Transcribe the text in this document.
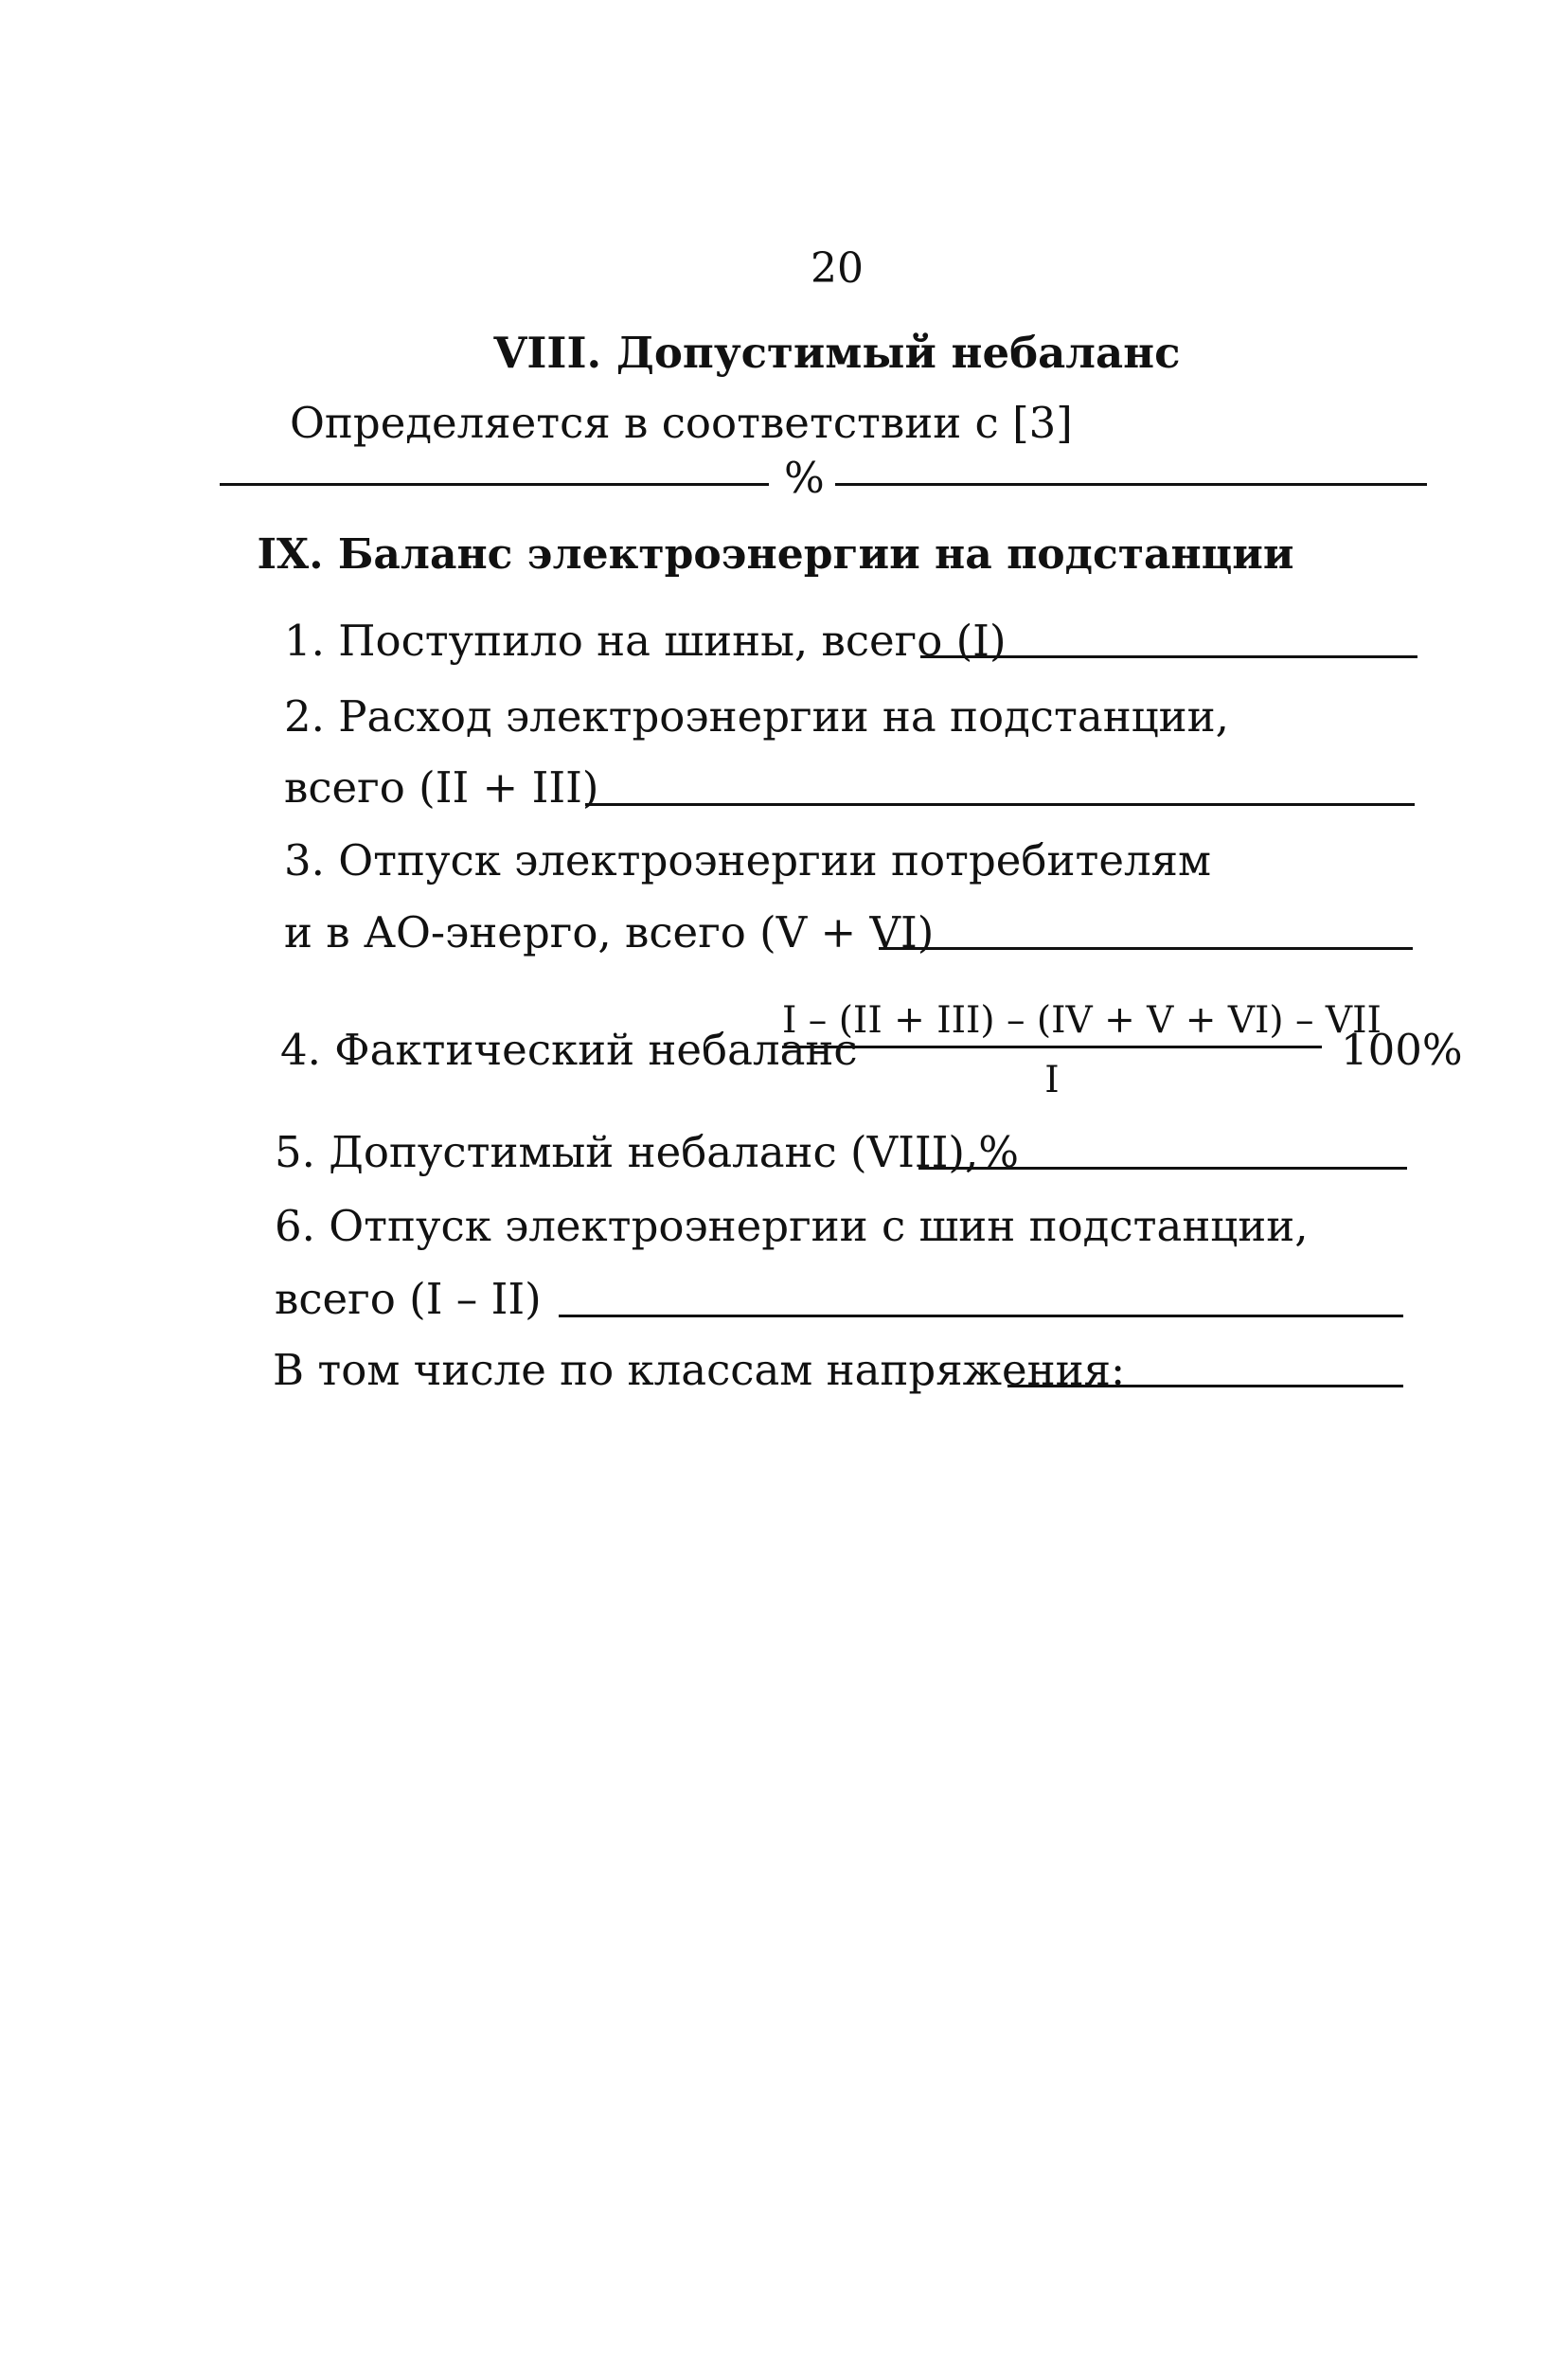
20
VIII. Допустимый небаланс
Определяется в соответствии с [3]
%
IX. Баланс электроэнергии на подстанции
1. Поступило на шины, всего (I)
2. Расход электроэнергии на подстанции,
всего (II + III)
3. Отпуск электроэнергии потребителям
и в АО-энерго, всего (V + VI)
4. Фактический небаланс
I – (II + III) – (IV + V + VI) – VII
I
100%
5. Допустимый небаланс (VIII),%
6. Отпуск электроэнергии с шин подстанции,
всего (I – II)
В том числе по классам напряжения:
